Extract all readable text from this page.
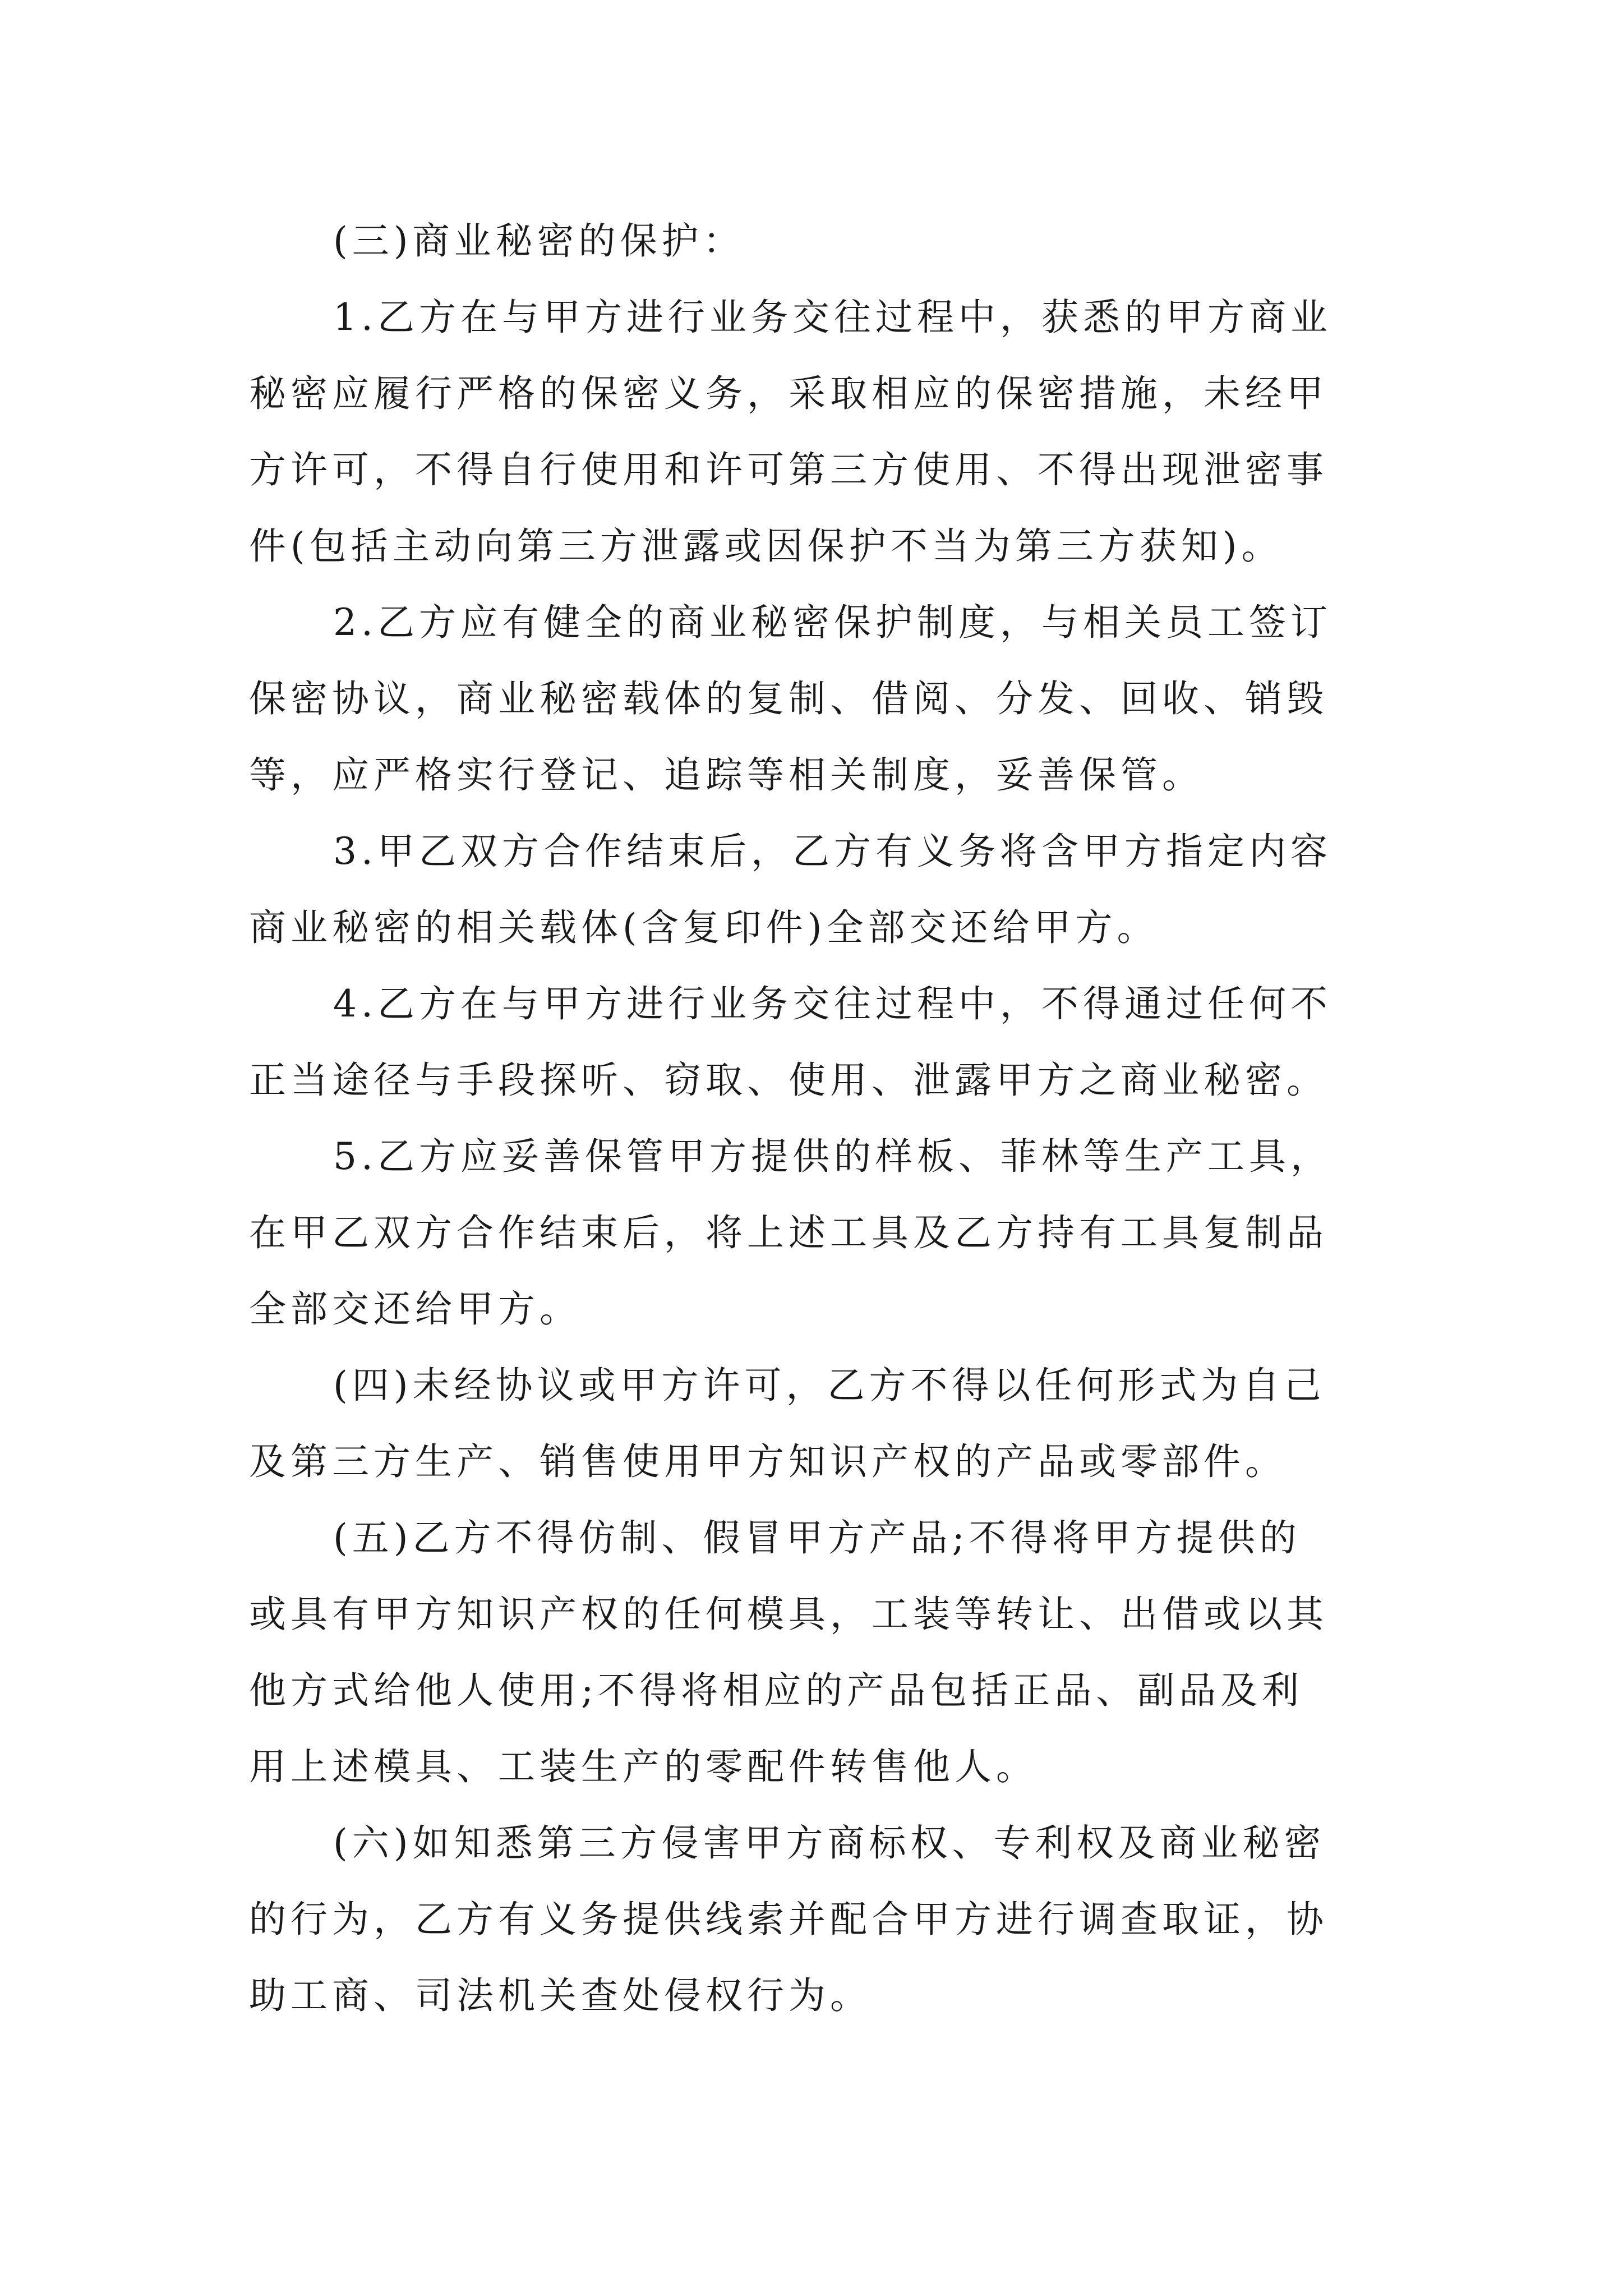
(三)商业秘密的保护：
1.乙方在与甲方进行业务交往过程中，获悉的甲方商业
秘密应履行严格的保密义务，采取相应的保密措施，未经甲
方许可，不得自行使用和许可第三方使用、不得出现泄密事
件(包括主动向第三方泄露或因保护不当为第三方获知)。
2.乙方应有健全的商业秘密保护制度，与相关员工签订
保密协议，商业秘密载体的复制、借阅、分发、回收、销毁
等，应严格实行登记、追踪等相关制度，妥善保管。
3.甲乙双方合作结束后，乙方有义务将含甲方指定内容
商业秘密的相关载体(含复印件)全部交还给甲方。
4.乙方在与甲方进行业务交往过程中，不得通过任何不
正当途径与手段探听、窃取、使用、泄露甲方之商业秘密。
5.乙方应妥善保管甲方提供的样板、菲林等生产工具，
在甲乙双方合作结束后，将上述工具及乙方持有工具复制品
全部交还给甲方。
(四)未经协议或甲方许可，乙方不得以任何形式为自己
及第三方生产、销售使用甲方知识产权的产品或零部件。
(五)乙方不得仿制、假冒甲方产品;不得将甲方提供的
或具有甲方知识产权的任何模具，工装等转让、出借或以其
他方式给他人使用;不得将相应的产品包括正品、副品及利
用上述模具、工装生产的零配件转售他人。
(六)如知悉第三方侵害甲方商标权、专利权及商业秘密
的行为，乙方有义务提供线索并配合甲方进行调查取证，协
助工商、司法机关查处侵权行为。
